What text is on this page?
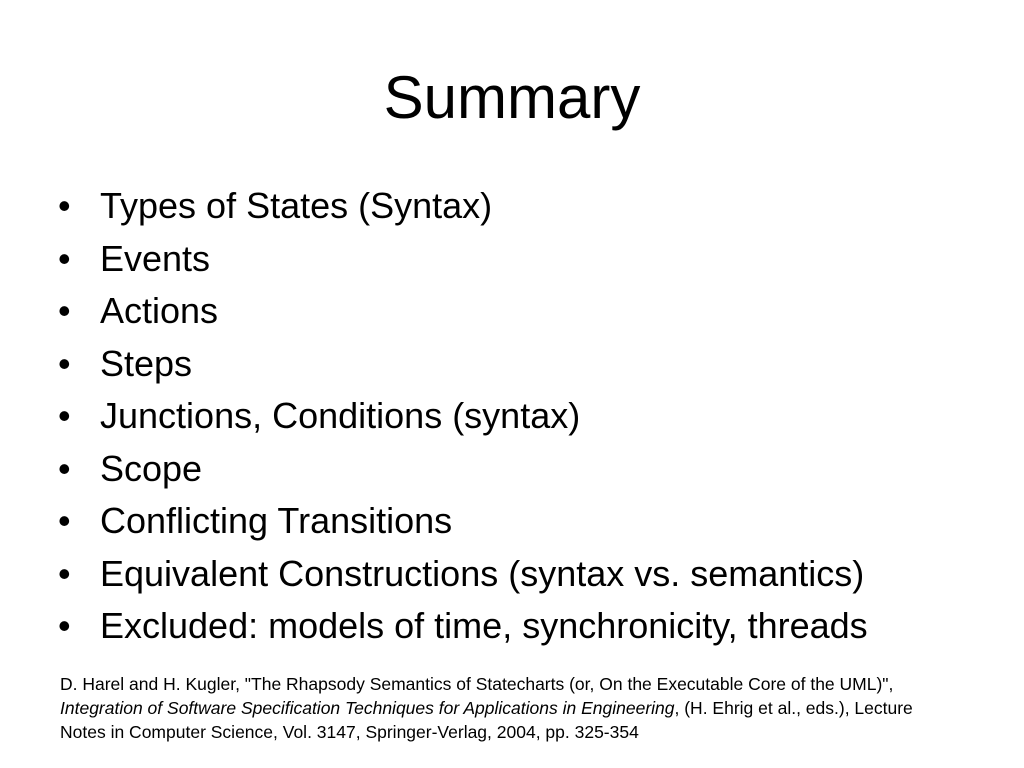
Summary
• Types of States (Syntax)
• Events
• Actions
• Steps
• Junctions, Conditions (syntax)
• Scope
• Conflicting Transitions
• Equivalent Constructions (syntax vs. semantics)
• Excluded: models of time, synchronicity, threads

D. Harel and H. Kugler, "The Rhapsody Semantics of Statecharts (or, On the Executable Core of the UML)", Integration of Software Specification Techniques for Applications in Engineering, (H. Ehrig et al., eds.), Lecture Notes in Computer Science, Vol. 3147, Springer-Verlag, 2004, pp. 325-354
